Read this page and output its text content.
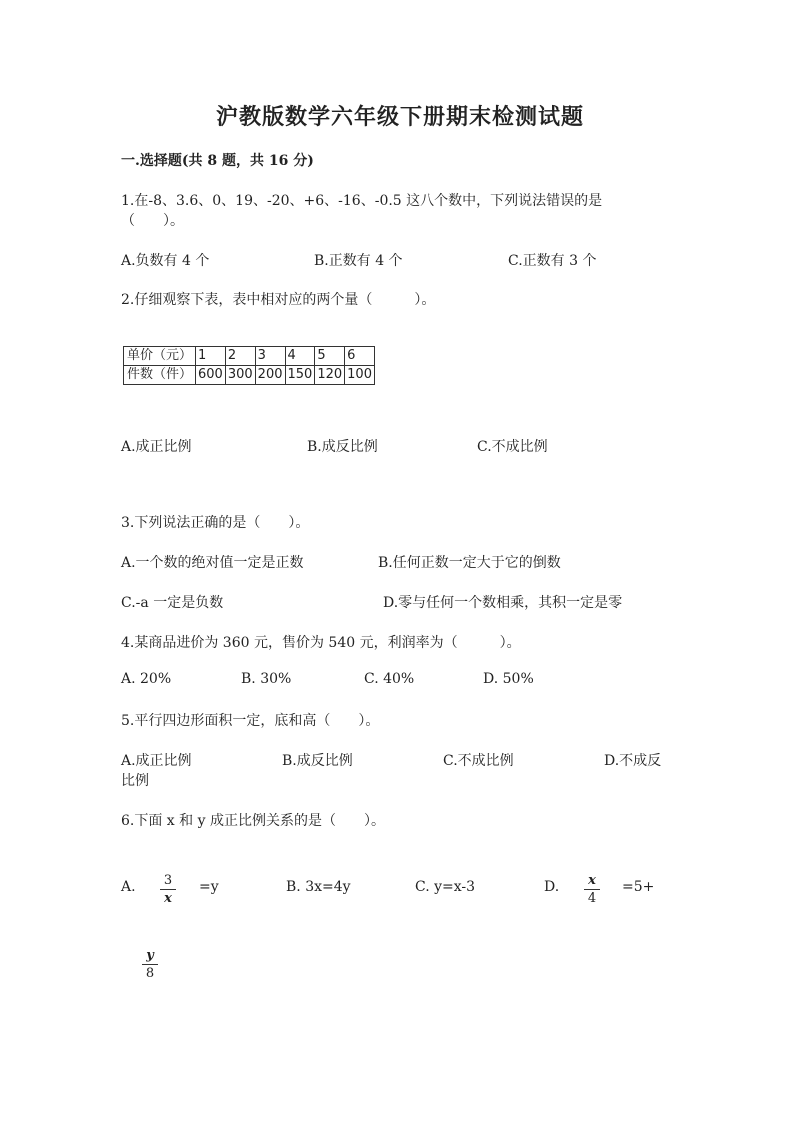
沪教版数学六年级下册期末检测试题
一.选择题(共 8 题，共 16 分)
1.在-8、3.6、0、19、-20、+6、-16、-0.5 这八个数中，下列说法错误的是
（　　）。
A.负数有 4 个	B.正数有 4 个	C.正数有 3 个
2.仔细观察下表，表中相对应的两个量（　　　）。
单价（元）	1	2	3	4	5	6
件数（件）	600	300	200	150	120	100
A.成正比例	B.成反比例	C.不成比例
3.下列说法正确的是（　　）。
A.一个数的绝对值一定是正数	B.任何正数一定大于它的倒数
C.-a 一定是负数	D.零与任何一个数相乘，其积一定是零
4.某商品进价为 360 元，售价为 540 元，利润率为（　　　）。
A. 20%	B. 30%	C. 40%	D. 50%
5.平行四边形面积一定，底和高（　　）。
A.成正比例	B.成反比例	C.不成比例	D.不成反
比例
6.下面 x 和 y 成正比例关系的是（　　）。
A. 3
x
=y	B. 3x=4y	C. y=x-3	D.	x
4
=5+
y
8
